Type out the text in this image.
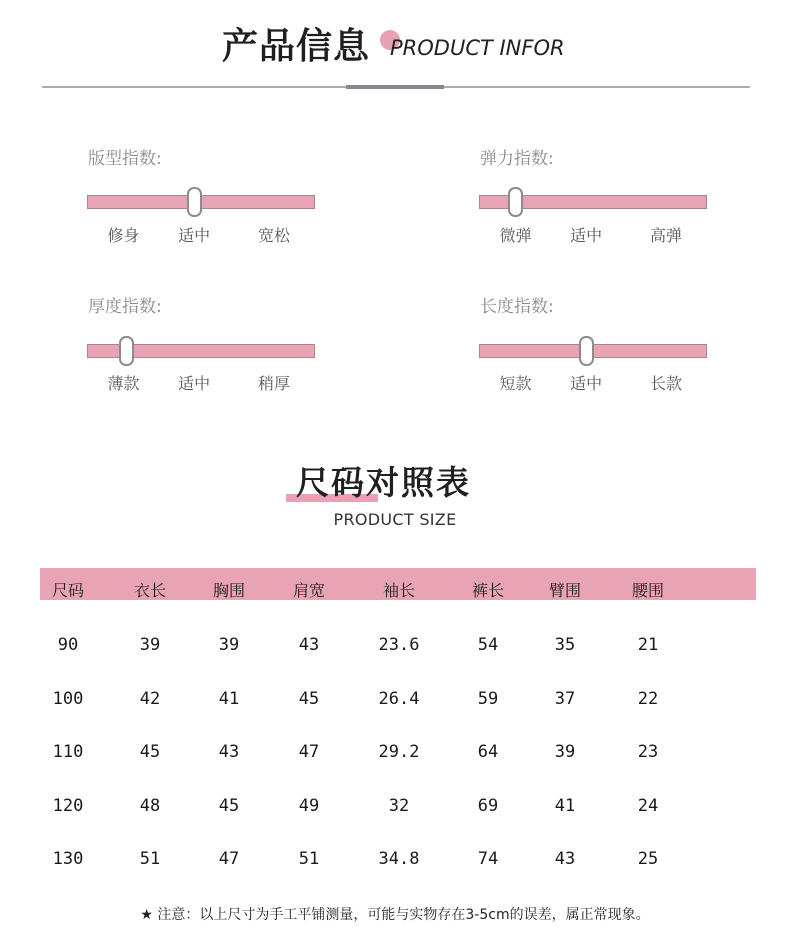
产品信息 PRODUCT INFOR
版型指数:
修身 适中	宽松
弹力指数:
微弹 适中	高弹
厚度指数:
薄款 适中	稍厚
长度指数:
短款 适中	长款
尺码对照表
PRODUCT SIZE
尺码	衣长	胸围	肩宽	袖长	裤长	臂围	腰围
90	39	39	43	23.6	54	35	21
100	42	41	45	26.4	59	37	22
110	45	43	47	29.2	64	39	23
120	48	45	49	32	69	41	24
130	51	47	51	34.8	74	43	25
★ 注意：以上尺寸为手工平铺测量，可能与实物存在3-5cm的误差，属正常现象。
